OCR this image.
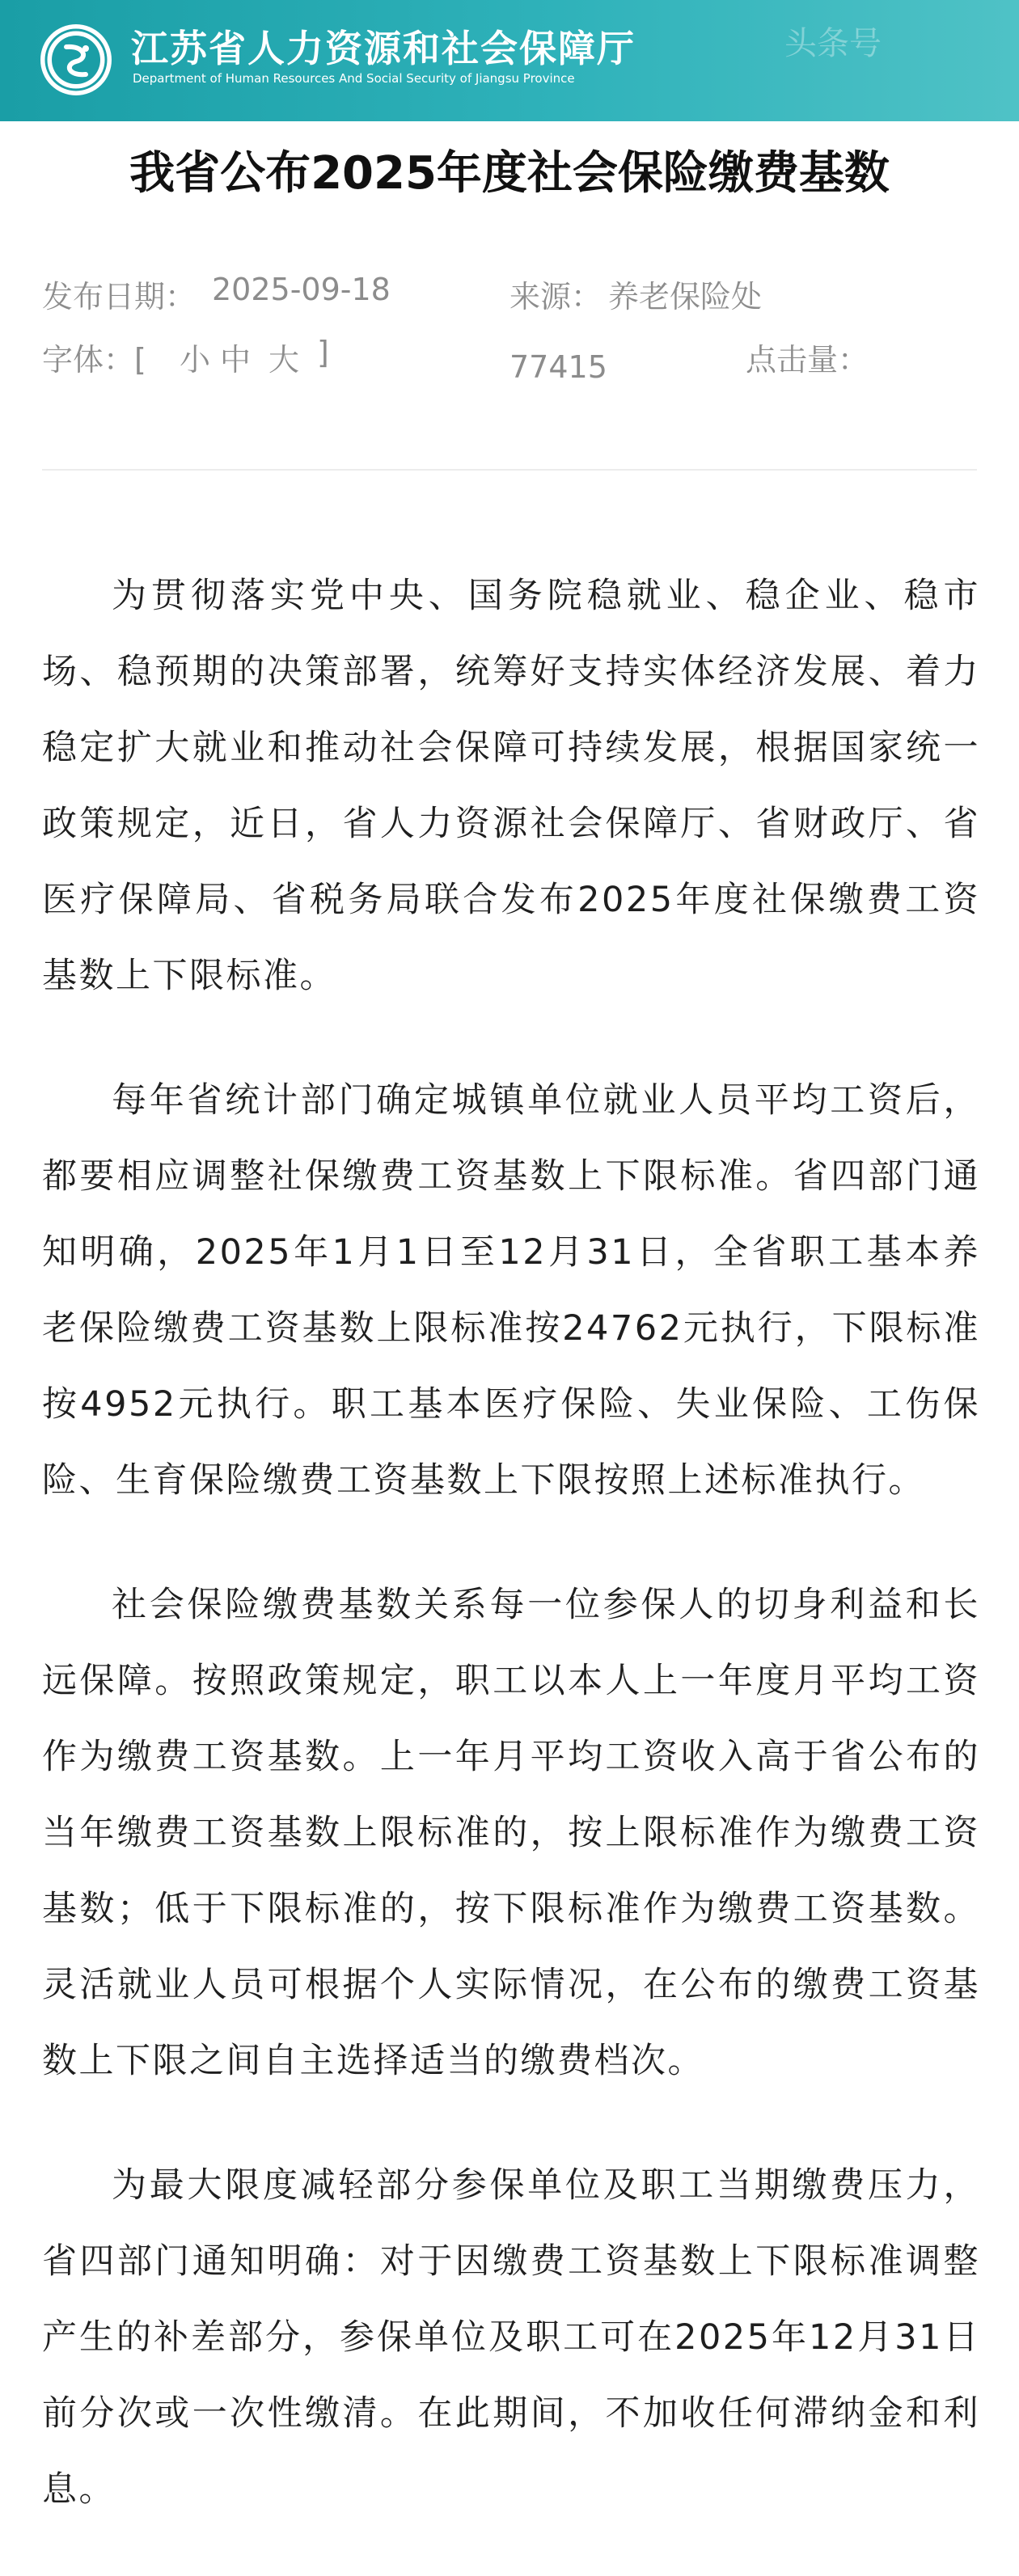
江苏省人力资源和社会保障厅
Department of Human Resources And Social Security of Jiangsu Province
头条号
我省公布2025年度社会保险缴费基数
发布日期： 2025-09-18	来源： 养老保险处
字体：[ 小 中 大 ]	77415	点击量：

为贯彻落实党中央、国务院稳就业、稳企业、稳市场、稳预期的决策部署，统筹好支持实体经济发展、着力稳定扩大就业和推动社会保障可持续发展，根据国家统一政策规定，近日，省人力资源社会保障厅、省财政厅、省医疗保障局、省税务局联合发布2025年度社保缴费工资基数上下限标准。

每年省统计部门确定城镇单位就业人员平均工资后，都要相应调整社保缴费工资基数上下限标准。省四部门通知明确，2025年1月1日至12月31日，全省职工基本养老保险缴费工资基数上限标准按24762元执行，下限标准按4952元执行。职工基本医疗保险、失业保险、工伤保险、生育保险缴费工资基数上下限按照上述标准执行。

社会保险缴费基数关系每一位参保人的切身利益和长远保障。按照政策规定，职工以本人上一年度月平均工资作为缴费工资基数。上一年月平均工资收入高于省公布的当年缴费工资基数上限标准的，按上限标准作为缴费工资基数；低于下限标准的，按下限标准作为缴费工资基数。灵活就业人员可根据个人实际情况，在公布的缴费工资基数上下限之间自主选择适当的缴费档次。

为最大限度减轻部分参保单位及职工当期缴费压力，省四部门通知明确：对于因缴费工资基数上下限标准调整产生的补差部分，参保单位及职工可在2025年12月31日前分次或一次性缴清。在此期间，不加收任何滞纳金和利息。
